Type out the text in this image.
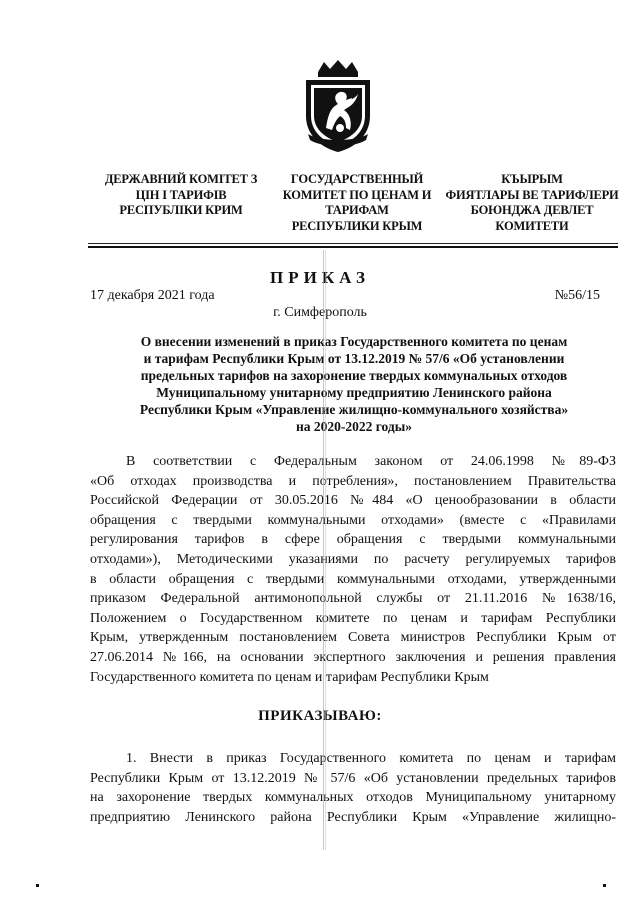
ДЕРЖАВНИЙ КОМІТЕТ З
ЦІН І ТАРИФІВ
РЕСПУБЛІКИ КРИМ
ГОСУДАРСТВЕННЫЙ
КОМИТЕТ ПО ЦЕНАМ И
ТАРИФАМ
РЕСПУБЛИКИ КРЫМ
КЪЫРЫМ
ФИЯТЛАРЫ ВЕ ТАРИФЛЕРИ
БОЮНДЖА ДЕВЛЕТ
КОМИТЕТИ
ПРИКАЗ
17 декабря 2021 года	№56/15
г. Симферополь
О внесении изменений в приказ Государственного комитета по ценам
и тарифам Республики Крым от 13.12.2019 № 57/6 «Об установлении
предельных тарифов на захоронение твердых коммунальных отходов
Муниципальному унитарному предприятию Ленинского района
Республики Крым «Управление жилищно-коммунального хозяйства»
на 2020-2022 годы»
В соответствии с Федеральным законом от 24.06.1998 №89-ФЗ
«Об отходах производства и потребления», постановлением Правительства
Российской Федерации от 30.05.2016 №484 «О ценообразовании в области
обращения с твердыми коммунальными отходами» (вместе с «Правилами
регулирования тарифов в сфере обращения с твердыми коммунальными
отходами»), Методическими указаниями по расчету регулируемых тарифов
в области обращения с твердыми коммунальными отходами, утвержденными
приказом Федеральной антимонопольной службы от 21.11.2016 №1638/16,
Положением о Государственном комитете по ценам и тарифам Республики
Крым, утвержденным постановлением Совета министров Республики Крым от
27.06.2014 №166, на основании экспертного заключения и решения правления
Государственного комитета по ценам и тарифам Республики Крым
ПРИКАЗЫВАЮ:
1. Внести в приказ Государственного комитета по ценам и тарифам
Республики Крым от 13.12.2019 № 57/6 «Об установлении предельных тарифов
на захоронение твердых коммунальных отходов Муниципальному унитарному
предприятию Ленинского района Республики Крым «Управление жилищно-
